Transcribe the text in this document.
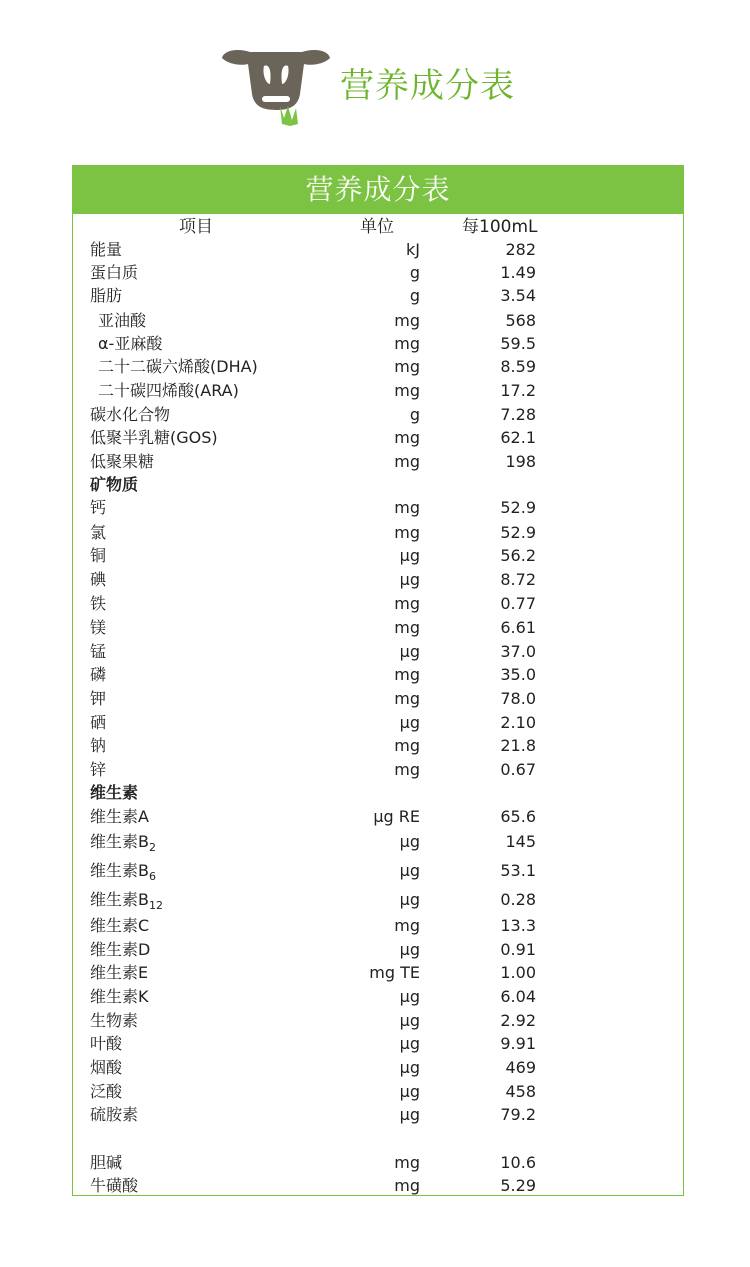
营养成分表
营养成分表
项目	单位	每100mL
能量	kJ	282
蛋白质	g	1.49
脂肪	g	3.54
亚油酸	mg	568
α-亚麻酸	mg	59.5
二十二碳六烯酸(DHA)	mg	8.59
二十碳四烯酸(ARA)	mg	17.2
碳水化合物	g	7.28
低聚半乳糖(GOS)	mg	62.1
低聚果糖	mg	198
矿物质
钙	mg	52.9
氯	mg	52.9
铜	μg	56.2
碘	μg	8.72
铁	mg	0.77
镁	mg	6.61
锰	μg	37.0
磷	mg	35.0
钾	mg	78.0
硒	μg	2.10
钠	mg	21.8
锌	mg	0.67
维生素
维生素A	μg RE	65.6
维生素$B_2$	μg	145
维生素$B_6$	μg	53.1
维生素$B_{12}$	μg	0.28
维生素C	mg	13.3
维生素D	μg	0.91
维生素E	mg TE	1.00
维生素K	μg	6.04
生物素	μg	2.92
叶酸	μg	9.91
烟酸	μg	469
泛酸	μg	458
硫胺素	μg	79.2
胆碱	mg	10.6
牛磺酸	mg	5.29
